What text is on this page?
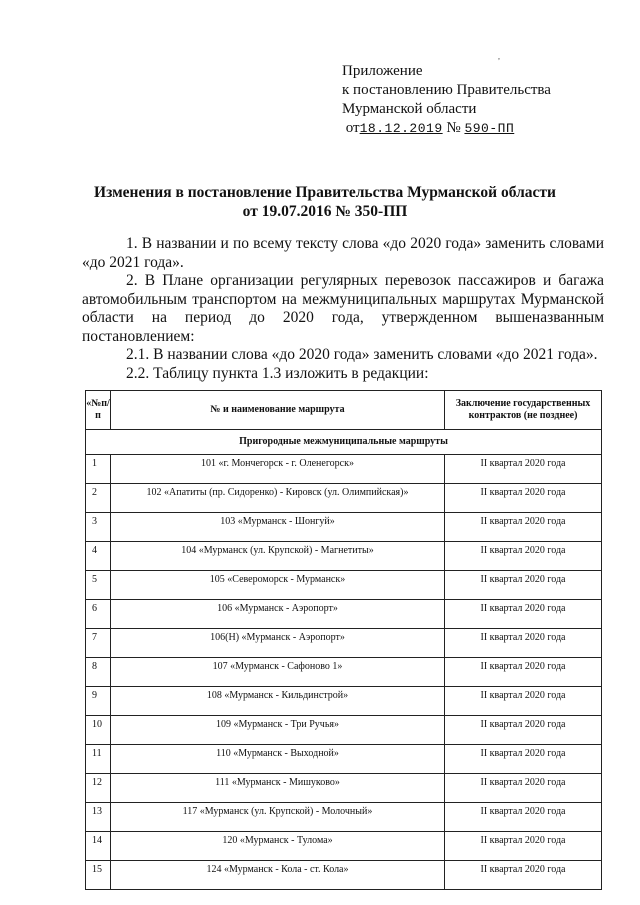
Приложение
к постановлению Правительства
Мурманской области
от18.12.2019 № 590-ПП
Изменения в постановление Правительства Мурманской области
от 19.07.2016 № 350-ПП

1. В названии и по всему тексту слова «до 2020 года» заменить словами «до 2021 года».

2. В Плане организации регулярных перевозок пассажиров и багажа автомобильным транспортом на межмуниципальных маршрутах Мурманской области на период до 2020 года, утвержденном вышеназванным постановлением:

2.1. В названии слова «до 2020 года» заменить словами «до 2021 года».

2.2. Таблицу пункта 1.3 изложить в редакции:

«№п/п	№ и наименование маршрута	Заключение государственных контрактов (не позднее)
Пригородные межмуниципальные маршруты		
1	101 «г. Мончегорск - г. Оленегорск»	II квартал 2020 года
2	102 «Апатиты (пр. Сидоренко) - Кировск (ул. Олимпийская)»	II квартал 2020 года
3	103 «Мурманск - Шонгуй»	II квартал 2020 года
4	104 «Мурманск (ул. Крупской) - Магнетиты»	II квартал 2020 года
5	105 «Североморск - Мурманск»	II квартал 2020 года
6	106 «Мурманск - Аэропорт»	II квартал 2020 года
7	106(Н) «Мурманск - Аэропорт»	II квартал 2020 года
8	107 «Мурманск - Сафоново 1»	II квартал 2020 года
9	108 «Мурманск - Кильдинстрой»	II квартал 2020 года
10	109 «Мурманск - Три Ручья»	II квартал 2020 года
11	110 «Мурманск - Выходной»	II квартал 2020 года
12	111 «Мурманск - Мишуково»	II квартал 2020 года
13	117 «Мурманск (ул. Крупской) - Молочный»	II квартал 2020 года
14	120 «Мурманск - Тулома»	II квартал 2020 года
15	124 «Мурманск - Кола - ст. Кола»	II квартал 2020 года
,
